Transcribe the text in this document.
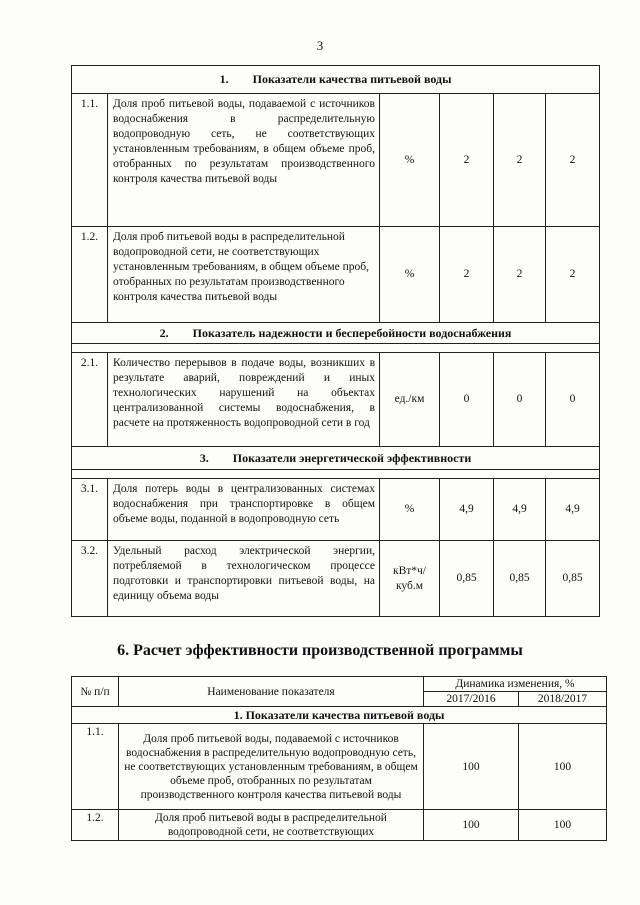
3
1.        Показатели качества питьевой воды					
1.1.	Доля проб питьевой воды, подаваемой с источников водоснабжения в распределительную водопроводную сеть, не соответствующих установленным требованиям, в общем объеме проб, отобранных по результатам производственного контроля качества питьевой воды	%	2	2	2
1.2.	Доля проб питьевой воды в распределительной водопроводной сети, не соответствующих установленным требованиям, в общем объеме проб, отобранных по результатам производственного контроля качества питьевой воды	%	2	2	2
2.        Показатель надежности и бесперебойности водоснабжения					

2.1.	Количество перерывов в подаче воды, возникших в результате аварий, повреждений и иных технологических нарушений на объектах централизованной системы водоснабжения, в расчете на протяженность водопроводной сети в год	ед./км	0	0	0
3.        Показатели энергетической эффективности					

3.1.	Доля потерь воды в централизованных системах водоснабжения при транспортировке в общем объеме воды, поданной в водопроводную сеть	%	4,9	4,9	4,9
3.2.	Удельный расход электрической энергии, потребляемой в технологическом процессе подготовки и транспортировки питьевой воды, на единицу объема воды	кВт*ч/ куб.м	0,85	0,85	0,85
6. Расчет эффективности производственной программы
№ п/п	Наименование показателя	Динамика изменения, %	
		2017/2016	2018/2017
1. Показатели качества питьевой воды			
1.1.	Доля проб питьевой воды, подаваемой с источников водоснабжения в распределительную водопроводную сеть, не соответствующих установленным требованиям, в общем объеме проб, отобранных по результатам производственного контроля качества питьевой воды	100	100
1.2.	Доля проб питьевой воды в распределительной водопроводной сети, не соответствующих	100	100
